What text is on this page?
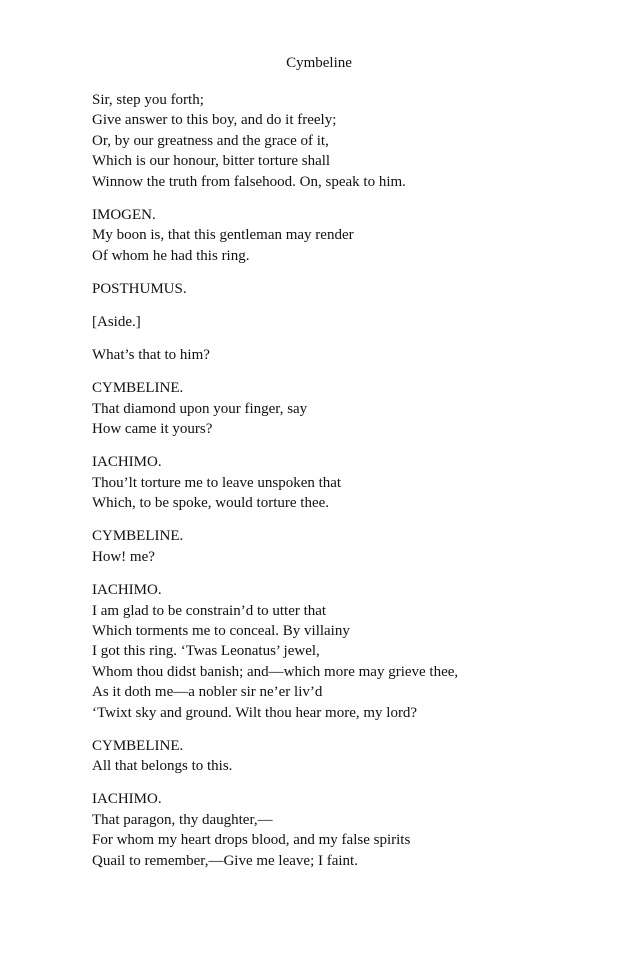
Cymbeline
Sir, step you forth;
Give answer to this boy, and do it freely;
Or, by our greatness and the grace of it,
Which is our honour, bitter torture shall
Winnow the truth from falsehood. On, speak to him.
IMOGEN.
My boon is, that this gentleman may render
Of whom he had this ring.
POSTHUMUS.
[Aside.]
What’s that to him?
CYMBELINE.
That diamond upon your finger, say
How came it yours?
IACHIMO.
Thou’lt torture me to leave unspoken that
Which, to be spoke, would torture thee.
CYMBELINE.
How! me?
IACHIMO.
I am glad to be constrain’d to utter that
Which torments me to conceal. By villainy
I got this ring. ‘Twas Leonatus’ jewel,
Whom thou didst banish; and—which more may grieve thee,
As it doth me—a nobler sir ne’er liv’d
‘Twixt sky and ground. Wilt thou hear more, my lord?
CYMBELINE.
All that belongs to this.
IACHIMO.
That paragon, thy daughter,—
For whom my heart drops blood, and my false spirits
Quail to remember,—Give me leave; I faint.
